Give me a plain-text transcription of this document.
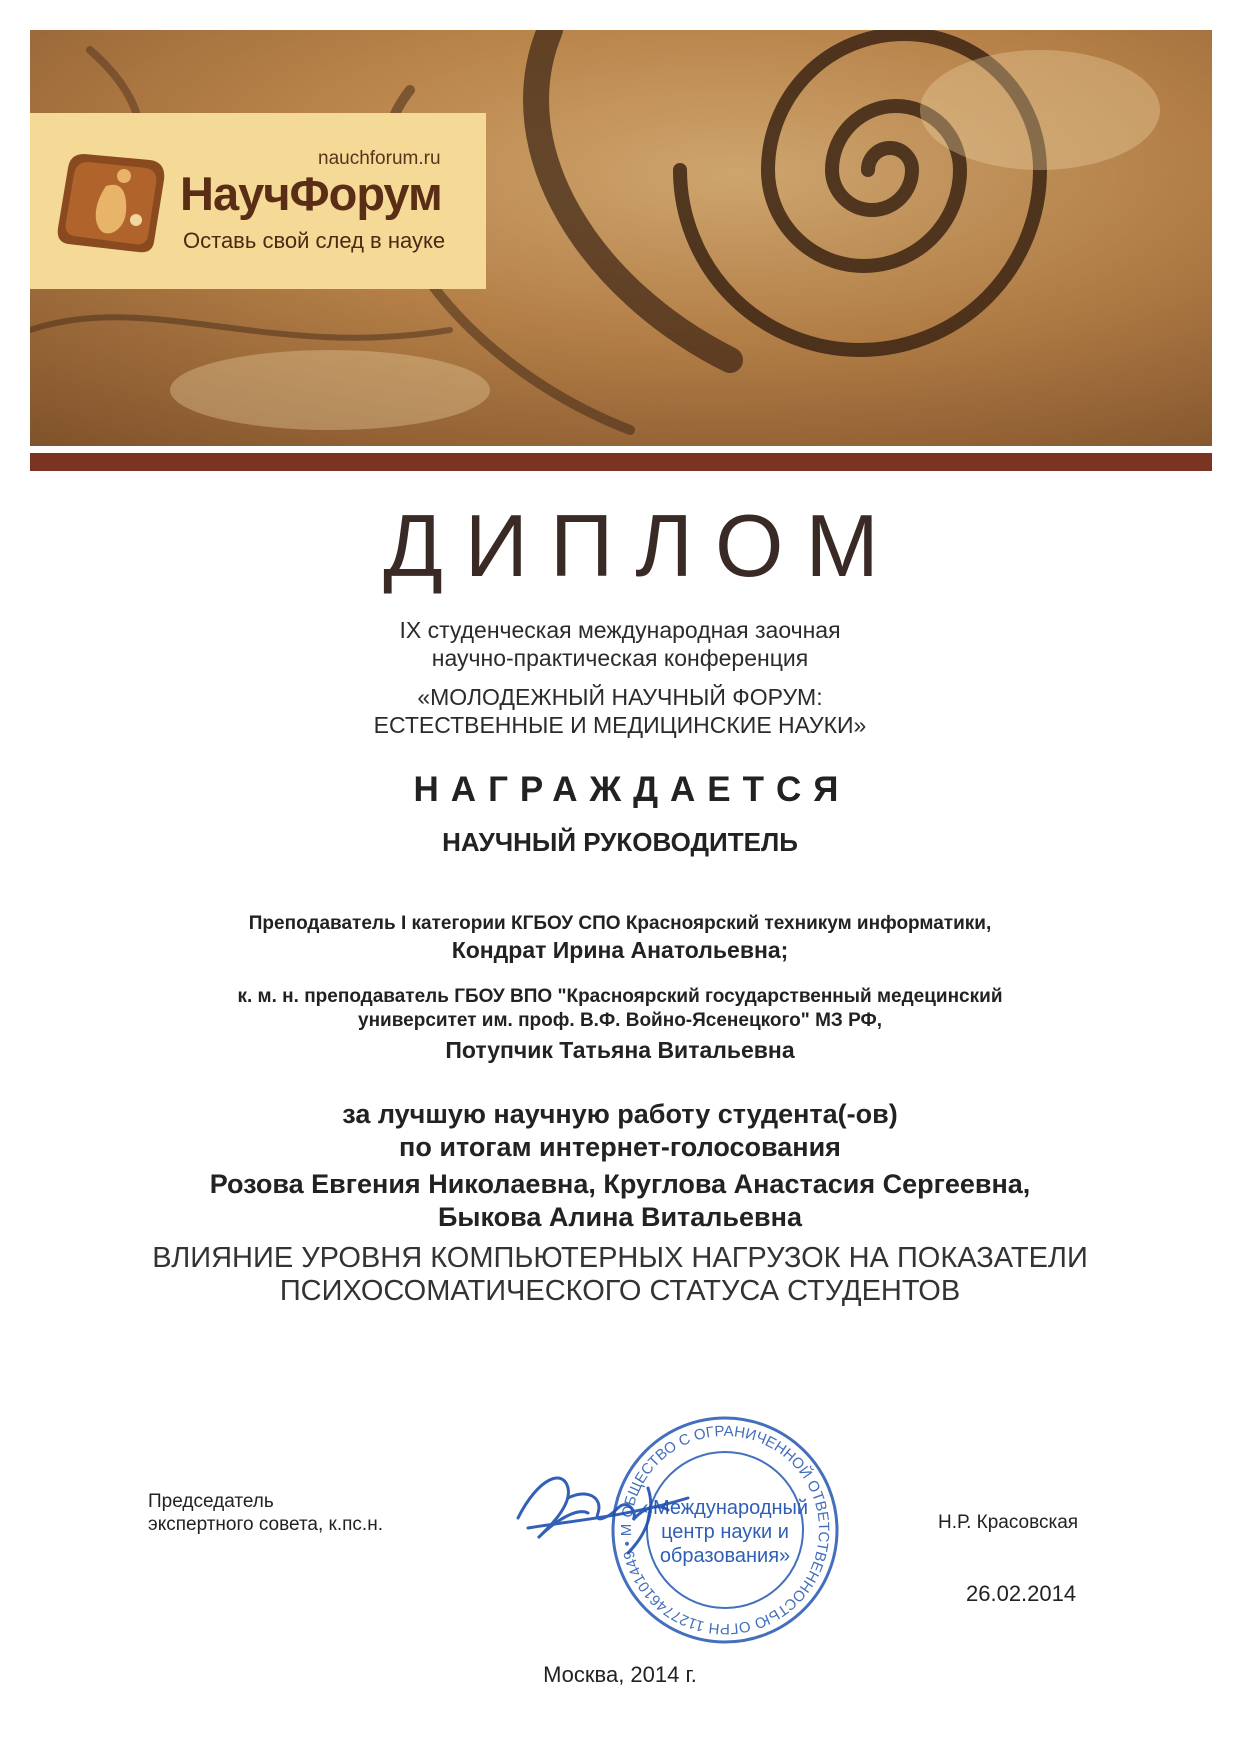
nauchforum.ru
НаучФорум
Оставь свой след в науке
ДИПЛОМ
IX студенческая международная заочная
научно-практическая конференция
«МОЛОДЕЖНЫЙ НАУЧНЫЙ ФОРУМ:
ЕСТЕСТВЕННЫЕ И МЕДИЦИНСКИЕ НАУКИ»
НАГРАЖДАЕТСЯ
НАУЧНЫЙ РУКОВОДИТЕЛЬ
Преподаватель I категории КГБОУ СПО Красноярский техникум информатики,
Кондрат Ирина Анатольевна;
к. м. н. преподаватель ГБОУ ВПО "Красноярский государственный медецинский
университет им. проф. В.Ф. Войно-Ясенецкого" МЗ РФ,
Потупчик Татьяна Витальевна
за лучшую научную работу студента(-ов)
по итогам интернет-голосования
Розова Евгения Николаевна, Круглова Анастасия Сергеевна,
Быкова Алина Витальевна
ВЛИЯНИЕ УРОВНЯ КОМПЬЮТЕРНЫХ НАГРУЗОК НА ПОКАЗАТЕЛИ
ПСИХОСОМАТИЧЕСКОГО СТАТУСА СТУДЕНТОВ
Председатель
экспертного совета, к.пс.н.
ОБЩЕСТВО С ОГРАНИЧЕННОЙ ОТВЕТСТВЕННОСТЬЮ ОГРН 1127746101449 • М
«Международный
центр науки и
образования»
Н.Р. Красовская
26.02.2014
Москва, 2014 г.
